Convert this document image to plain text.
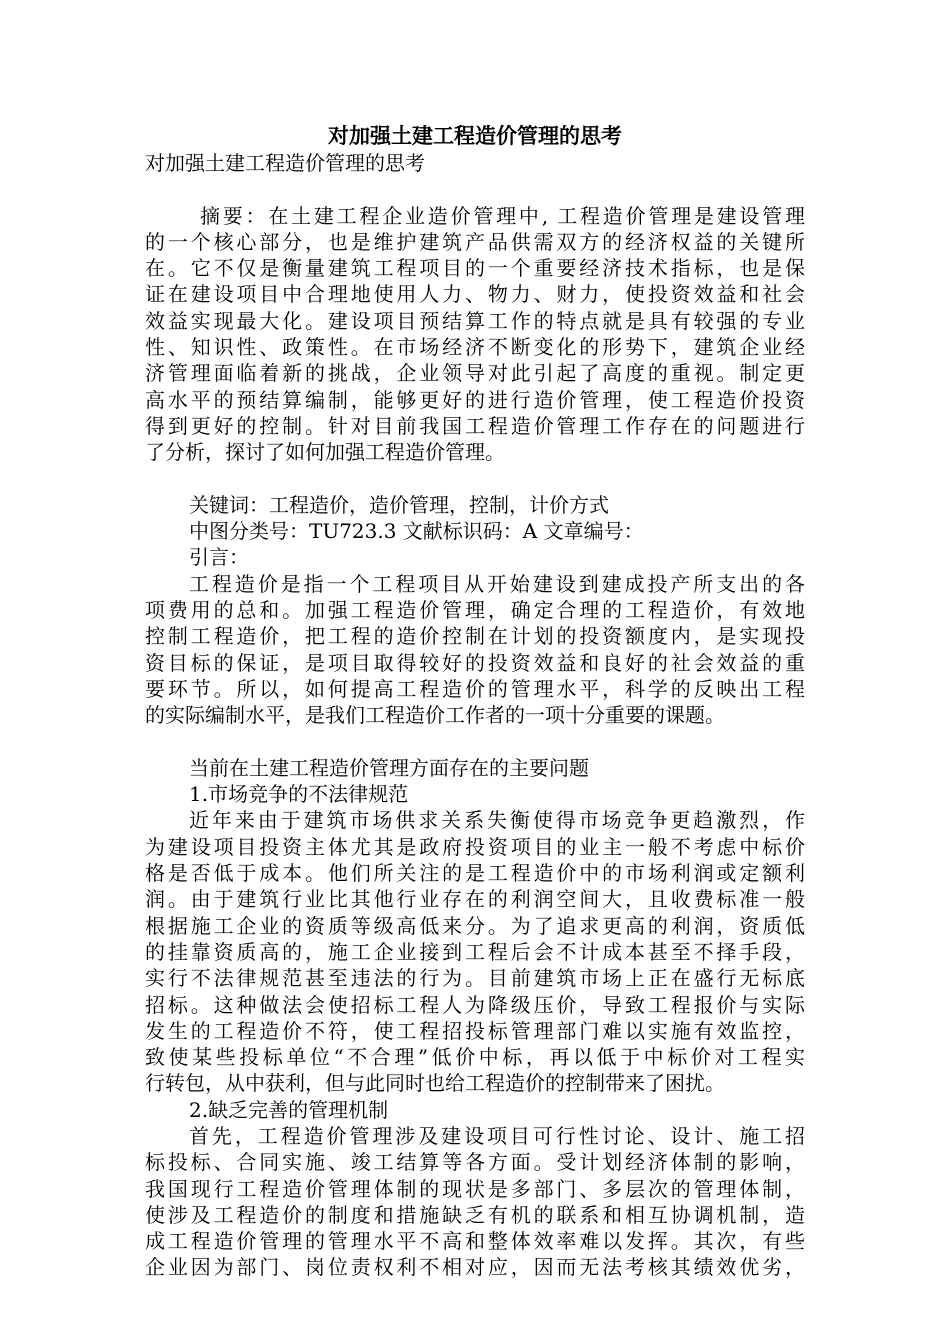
对加强土建工程造价管理的思考
对加强土建工程造价管理的思考
摘要：在土建工程企业造价管理中, 工程造价管理是建设管理
的一个核心部分，也是维护建筑产品供需双方的经济权益的关键所
在。它不仅是衡量建筑工程项目的一个重要经济技术指标，也是保
证在建设项目中合理地使用人力、物力、财力，使投资效益和社会
效益实现最大化。建设项目预结算工作的特点就是具有较强的专业
性、知识性、政策性。在市场经济不断变化的形势下，建筑企业经
济管理面临着新的挑战，企业领导对此引起了高度的重视。制定更
高水平的预结算编制，能够更好的进行造价管理，使工程造价投资
得到更好的控制。针对目前我国工程造价管理工作存在的问题进行
了分析，探讨了如何加强工程造价管理。
关键词：工程造价，造价管理，控制，计价方式
中图分类号：TU723.3 文献标识码：A 文章编号：
引言：
工程造价是指一个工程项目从开始建设到建成投产所支出的各
项费用的总和。加强工程造价管理，确定合理的工程造价，有效地
控制工程造价，把工程的造价控制在计划的投资额度内，是实现投
资目标的保证，是项目取得较好的投资效益和良好的社会效益的重
要环节。所以，如何提高工程造价的管理水平，科学的反映出工程
的实际编制水平，是我们工程造价工作者的一项十分重要的课题。
当前在土建工程造价管理方面存在的主要问题
1.市场竞争的不法律规范
近年来由于建筑市场供求关系失衡使得市场竞争更趋激烈，作
为建设项目投资主体尤其是政府投资项目的业主一般不考虑中标价
格是否低于成本。他们所关注的是工程造价中的市场利润或定额利
润。由于建筑行业比其他行业存在的利润空间大，且收费标准一般
根据施工企业的资质等级高低来分。为了追求更高的利润，资质低
的挂靠资质高的，施工企业接到工程后会不计成本甚至不择手段，
实行不法律规范甚至违法的行为。目前建筑市场上正在盛行无标底
招标。这种做法会使招标工程人为降级压价，导致工程报价与实际
发生的工程造价不符，使工程招投标管理部门难以实施有效监控，
致使某些投标单位“不合理”低价中标，再以低于中标价对工程实
行转包，从中获利，但与此同时也给工程造价的控制带来了困扰。
2.缺乏完善的管理机制
首先，工程造价管理涉及建设项目可行性讨论、设计、施工招
标投标、合同实施、竣工结算等各方面。受计划经济体制的影响，
我国现行工程造价管理体制的现状是多部门、多层次的管理体制，
使涉及工程造价的制度和措施缺乏有机的联系和相互协调机制，造
成工程造价管理的管理水平不高和整体效率难以发挥。其次，有些
企业因为部门、岗位责权利不相对应，因而无法考核其绩效优劣，
